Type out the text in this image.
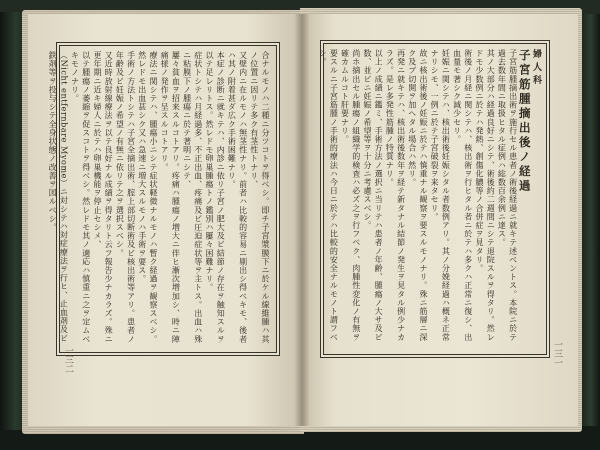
合ナルモノハ二種ニ分ツコトヲ得ベシ。即チ子宮漿膜下ニ於ケル線維腫ハ其ノ位置ニ因リテ多ク有茎性トナリ、

又壁内ニ在ルモノハ無茎性ナリ。前者ハ比較的容易ニ剔出シ得ベキモ、後者ハ其ノ附着甚ダ広ク手術困難ナリ。

本症ノ診断ニ就キテハ、内診ニ依リ子宮ノ肥大及ビ結節ノ存在ヲ触知スルヲ以テ足レリトス。然レドモ卵巣腫瘍トノ鑑別ハ屢々困難ナリ。

症状トシテハ月経過多、不正出血、疼痛及ビ圧迫症状等ヲ主トス。出血ハ殊ニ粘膜下ノ腫瘍ニ於テ著明ニシテ、

屢々貧血ヲ招来スルコトアリ。疼痛ハ腫瘍ノ増大ニ伴ヒ漸次増加シ、時ニ陣痛様ノ発作ヲ呈スルコトアリ。

療法ニ関シテハ、腫瘍小ニシテ症状軽微ナルモノハ暫ク経過ヲ観察スベシ。然レドモ出血甚シク又ハ急速ニ増大スルモノハ手術ヲ要ス。

手術ノ方法トシテハ子宮全摘出術、腟上部切断術及ビ核出術等アリ。患者ノ年齢及ビ妊娠ノ希望ノ有無ニ依リテ之ヲ選択スベシ。

又近時放射線療法ヲ以テ良好ナル成績ヲ得タリト云フ報告少ナカラズ。殊ニ更年期ニ近キ婦人ニ於テハ卵巣機能ヲ停止セシメ、

以テ腫瘍ノ萎縮ヲ促スコトヲ得ベシ。然レドモ其ノ適応ハ慎重ニ之ヲ定ムベキモノナリ。

（Nicht entfernbare Myome）ニ対シテハ対症療法ヲ行ヒ、止血剤及ビ鉄剤等ヲ投与シテ全身状態ノ改善ヲ図ルベシ。

一三二

婦人科

子宮筋腫摘出後ノ経過

子宮筋腫摘出術ヲ施行セル患者ノ術後経過ニ就キテ述ベントス。本院ニ於テ過去数年間ニ取扱ヒタル症例ハ総数百余例ニ達ス。

其ノ大部分ハ経過良好ニシテ、術後約二週間ニシテ退院スルヲ得タリ。然レドモ少数例ニ於テハ発熱、創傷化膿等ノ合併症ヲ見タリ。

術後ノ月経ニ関シテハ、核出術ヲ行ヒタル者ニ於テハ多クハ正常ニ復シ、出血量モ著シク減少セリ。

妊娠ニ関シテハ、核出術後妊娠シタル者数例アリ。其ノ分娩経過ハ概ネ正常ナリシモ、一例ニ於テ子宮破裂ヲ来タセリ。

故ニ核出術後ノ妊娠ニ於テハ慎重ナル観察ヲ要スルモノナリ。殊ニ筋層ニ深ク及ブ切開ヲ加ヘタル場合ハ然リ。

再発ニ就キテハ、核出術後数年ヲ経テ新タナル結節ノ発生ヲ見タル例少ナカラズ。是レ多発性筋腫ノ特質ナリ。

以上ノ成績ニ鑑ミ、手術方法ノ選択ニ当リテハ患者ノ年齢、腫瘍ノ大サ及ビ数、並ビニ妊娠ノ希望等ヲ十分ニ考慮スベシ。

尚ホ摘出セル腫瘍ノ組織学的検査ハ必ズ之ヲ行フベク、肉腫性変化ノ有無ヲ確カムルコト肝要ナリ。

要スルニ子宮筋腫ノ手術的療法ハ今日ニ於テハ比較的安全ナルモノト謂フベシ。

一三一
